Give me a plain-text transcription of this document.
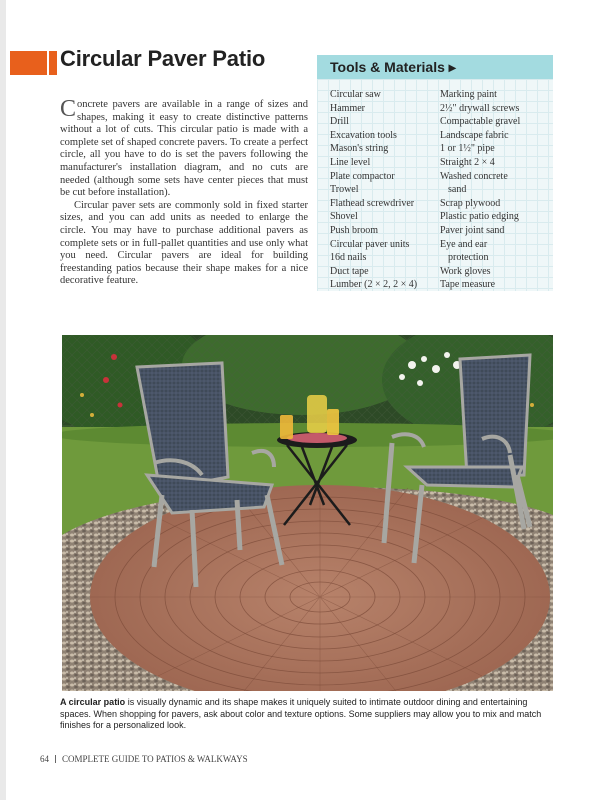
Circular Paver Patio

Concrete pavers are available in a range of sizes and shapes, making it easy to create distinctive patterns without a lot of cuts. This circular patio is made with a complete set of shaped concrete pavers. To create a perfect circle, all you have to do is set the pavers following the manufacturer's installation diagram, and no cuts are needed (although some sets have center pieces that must be cut before installation).

Circular paver sets are commonly sold in fixed starter sizes, and you can add units as needed to enlarge the circle. You may have to purchase additional pavers as complete sets or in full-pallet quantities and use only what you need. Circular pavers are ideal for building freestanding patios because their shape makes for a nice decorative feature.

Tools & Materials ▸
Circular saw
Hammer
Drill
Excavation tools
Mason's string
Line level
Plate compactor
Trowel
Flathead screwdriver
Shovel
Push broom
Circular paver units
16d nails
Duct tape
Lumber (2 × 2, 2 × 4)
Marking paint
2½" drywall screws
Compactable gravel
Landscape fabric
1 or 1½" pipe
Straight 2 × 4
Washed concrete
sand
Scrap plywood
Plastic patio edging
Paver joint sand
Eye and ear
protection
Work gloves
Tape measure
A circular patio is visually dynamic and its shape makes it uniquely suited to intimate outdoor dining and entertaining spaces. When shopping for pavers, ask about color and texture options. Some suppliers may allow you to mix and match finishes for a personalized look.
64 COMPLETE GUIDE TO PATIOS & WALKWAYS
